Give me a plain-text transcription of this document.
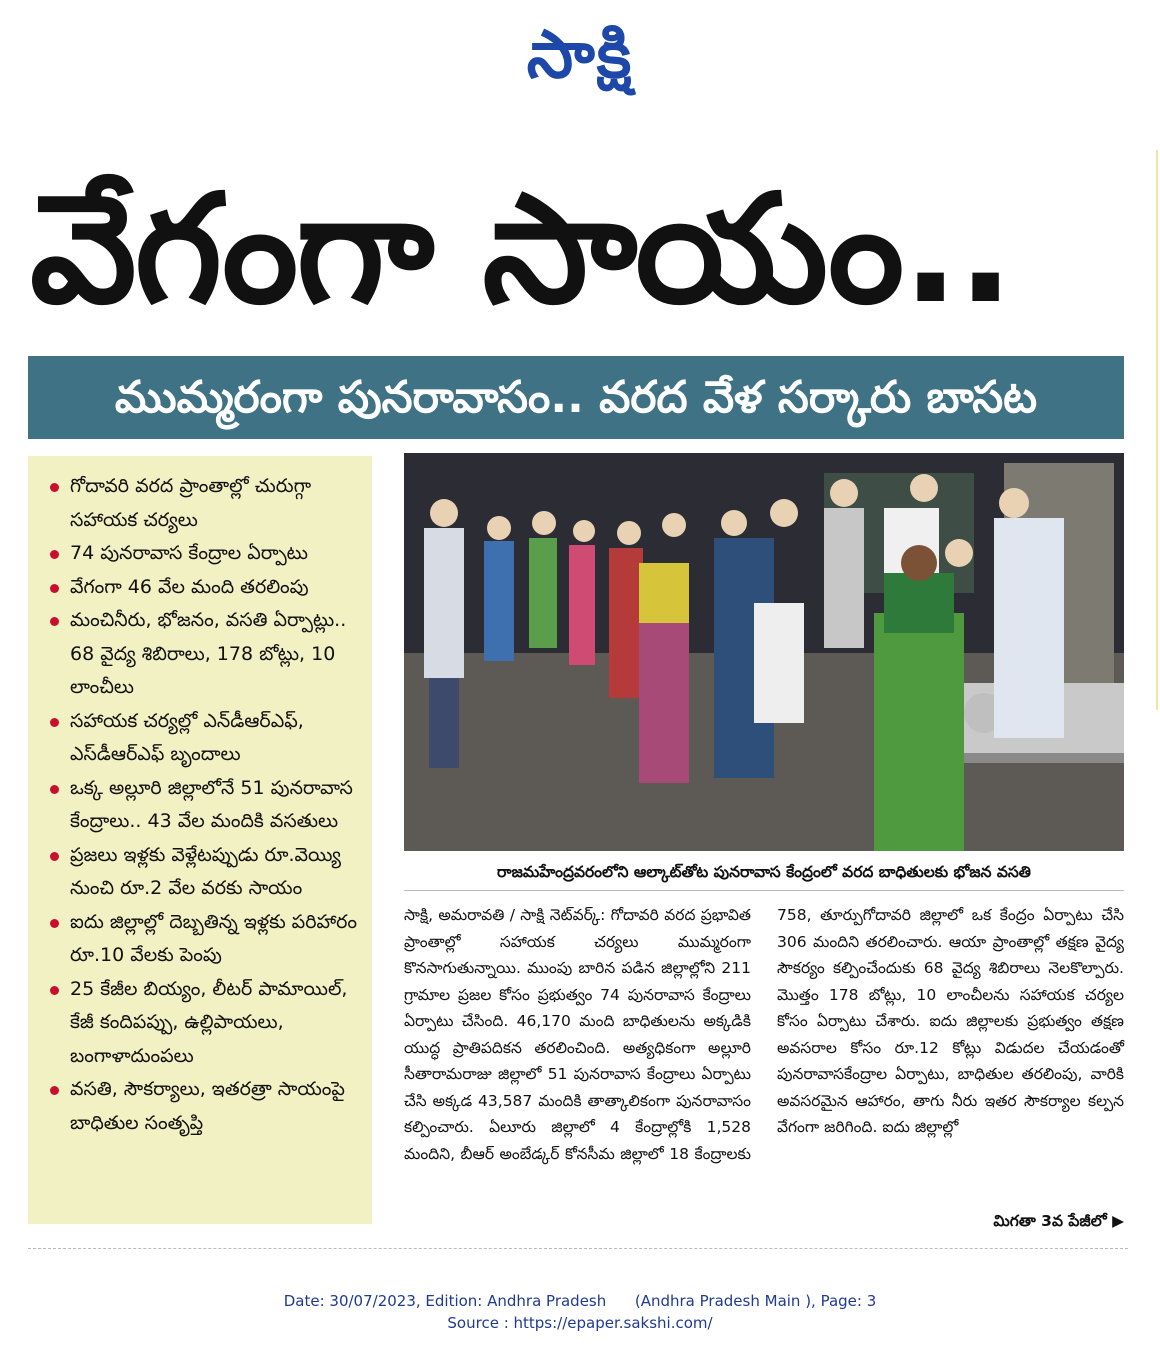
సాక్షి
వేగంగా సాయం..
ముమ్మరంగా పునరావాసం.. వరద వేళ సర్కారు బాసట
గోదావరి వరద ప్రాంతాల్లో చురుగ్గా సహాయక చర్యలు
74 పునరావాస కేంద్రాల ఏర్పాటు
వేగంగా 46 వేల మంది తరలింపు
మంచినీరు, భోజనం, వసతి ఏర్పాట్లు.. 68 వైద్య శిబిరాలు, 178 బోట్లు, 10 లాంచీలు
సహాయక చర్యల్లో ఎన్‌డీఆర్‌ఎఫ్, ఎస్‌డీఆర్‌ఎఫ్ బృందాలు
ఒక్క అల్లూరి జిల్లాలోనే 51 పునరావాస కేంద్రాలు.. 43 వేల మందికి వసతులు
ప్రజలు ఇళ్లకు వెళ్లేటప్పుడు రూ.వెయ్యి నుంచి రూ.2 వేల వరకు సాయం
ఐదు జిల్లాల్లో దెబ్బతిన్న ఇళ్లకు పరిహారం రూ.10 వేలకు పెంపు
25 కేజీల బియ్యం, లీటర్ పామాయిల్, కేజీ కందిపప్పు, ఉల్లిపాయలు, బంగాళాదుంపలు
వసతి, సౌకర్యాలు, ఇతరత్రా సాయంపై బాధితుల సంతృప్తి
రాజమహేంద్రవరంలోని ఆల్కాట్‌తోట పునరావాస కేంద్రంలో వరద బాధితులకు భోజన వసతి

సాక్షి, అమరావతి / సాక్షి నెట్‌వర్క్: గోదావరి వరద ప్రభావిత ప్రాంతాల్లో సహాయక చర్యలు ముమ్మరంగా కొనసాగుతున్నాయి. ముంపు బారిన పడిన జిల్లాల్లోని 211 గ్రామాల ప్రజల కోసం ప్రభుత్వం 74 పునరావాస కేంద్రాలు ఏర్పాటు చేసింది. 46,170 మంది బాధితులను అక్కడికి యుద్ధ ప్రాతిపదికన తరలించింది. అత్యధికంగా అల్లూరి సీతారామరాజు జిల్లాలో 51 పునరావాస కేంద్రాలు ఏర్పాటు చేసి అక్కడ 43,587 మందికి తాత్కాలికంగా పునరావాసం కల్పించారు. ఏలూరు జిల్లాలో 4 కేంద్రాల్లోకి 1,528 మందిని, బీఆర్ అంబేడ్కర్ కోనసీమ జిల్లాలో 18 కేంద్రాలకు 758, తూర్పుగోదావరి జిల్లాలో ఒక కేంద్రం ఏర్పాటు చేసి 306 మందిని తరలించారు. ఆయా ప్రాంతాల్లో తక్షణ వైద్య సౌకర్యం కల్పించేందుకు 68 వైద్య శిబిరాలు నెలకొల్పారు. మొత్తం 178 బోట్లు, 10 లాంచీలను సహాయక చర్యల కోసం ఏర్పాటు చేశారు. ఐదు జిల్లాలకు ప్రభుత్వం తక్షణ అవసరాల కోసం రూ.12 కోట్లు విడుదల చేయడంతో పునరావాసకేంద్రాల ఏర్పాటు, బాధితుల తరలింపు, వారికి అవసరమైన ఆహారం, తాగు నీరు ఇతర సౌకర్యాల కల్పన వేగంగా జరిగింది. ఐదు జిల్లాల్లో

మిగతా 3వ పేజీలో ▶
Date: 30/07/2023, Edition: Andhra Pradesh      (Andhra Pradesh Main ), Page: 3
Source : https://epaper.sakshi.com/
